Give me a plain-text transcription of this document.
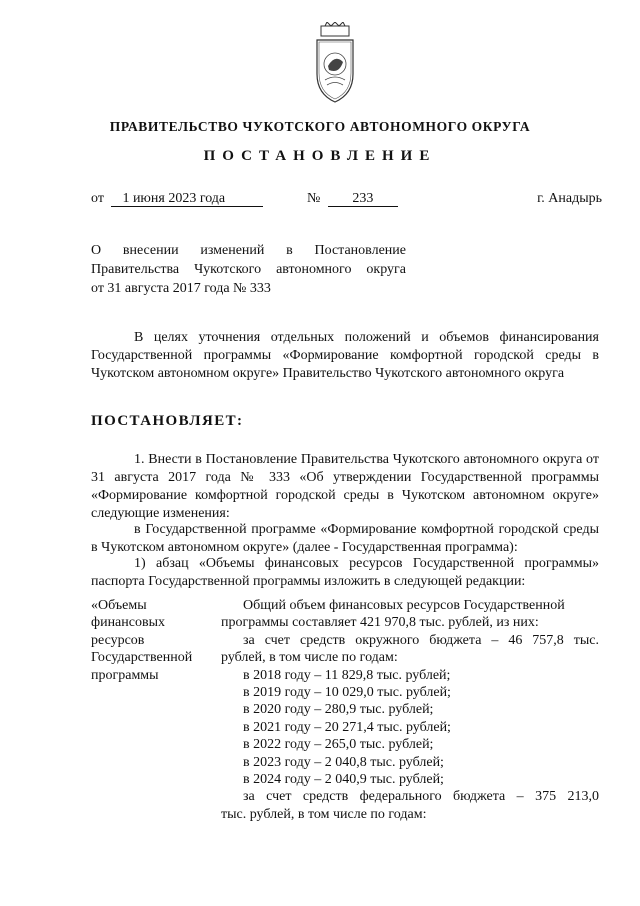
ПРАВИТЕЛЬСТВО ЧУКОТСКОГО АВТОНОМНОГО ОКРУГА
ПОСТАНОВЛЕНИЕ
от 1 июня 2023 года	№ 233	г. Анадырь
О внесении изменений в Постановление
Правительства Чукотского автономного округа
от 31 августа 2017 года № 333
В целях уточнения отдельных положений и объемов финансирования Государственной программы «Формирование комфортной городской среды в Чукотском автономном округе» Правительство Чукотского автономного округа
ПОСТАНОВЛЯЕТ:
1. Внести в Постановление Правительства Чукотского автономного округа от 31 августа 2017 года № 333 «Об утверждении Государственной программы «Формирование комфортной городской среды в Чукотском автономном округе» следующие изменения:
в Государственной программе «Формирование комфортной городской среды в Чукотском автономном округе» (далее - Государственная программа):
1) абзац «Объемы финансовых ресурсов Государственной программы» паспорта Государственной программы изложить в следующей редакции:
«Объемы
финансовых
ресурсов
Государственной
программы
Общий объем финансовых ресурсов Государственной
программы составляет 421 970,8 тыс. рублей, из них:
за счет средств окружного бюджета – 46 757,8 тыс.
рублей, в том числе по годам:
в 2018 году – 11 829,8 тыс. рублей;
в 2019 году – 10 029,0 тыс. рублей;
в 2020 году – 280,9 тыс. рублей;
в 2021 году – 20 271,4 тыс. рублей;
в 2022 году – 265,0 тыс. рублей;
в 2023 году – 2 040,8 тыс. рублей;
в 2024 году – 2 040,9 тыс. рублей;
за счет средств федерального бюджета – 375 213,0
тыс. рублей, в том числе по годам:
